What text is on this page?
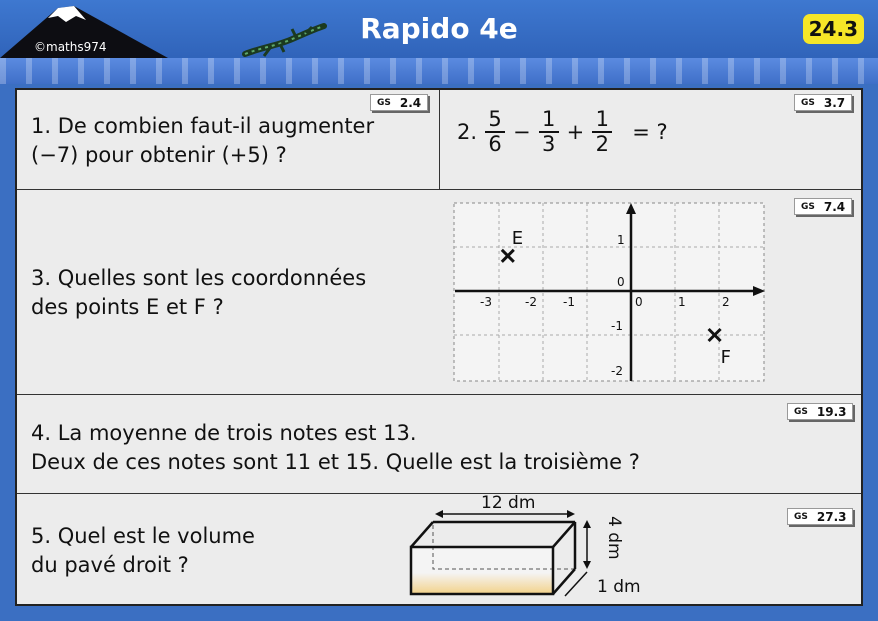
©maths974
Rapido 4e	24.3
1. De combien faut-il augmenter
(−7) pour obtenir (+5) ?
GS 2.4
2. $\frac{5}{6} - \frac{1}{3} + \frac{1}{2}$ = ?
GS 3.7
3. Quelles sont les coordonnées
des points E et F ?
GS 7.4
-3	-2 -1	0	1	2
1
0
-1
-2
E
F
4. La moyenne de trois notes est 13.
Deux de ces notes sont 11 et 15. Quelle est la troisième ?
GS 19.3
5. Quel est le volume
du pavé droit ?
GS 27.3
12 dm
4 dm
1 dm
